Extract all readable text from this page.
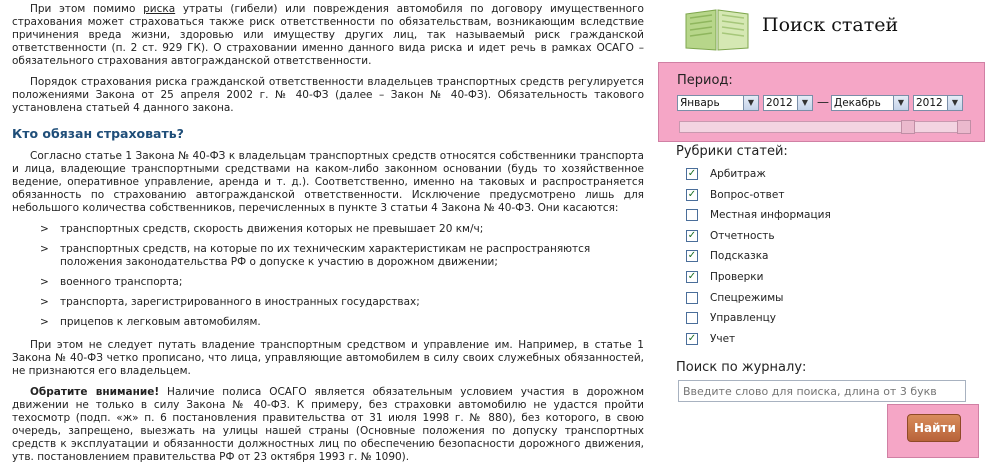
При этом помимо риска утраты (гибели) или повреждения автомобиля по договору имущественного страхования может страховаться также риск ответственности по обязательствам, возникающим вследствие причинения вреда жизни, здоровью или имуществу других лиц, так называемый риск гражданской ответственности (п. 2 ст. 929 ГК). О страховании именно данного вида риска и идет речь в рамках ОСАГО – обязательного страхования автогражданской ответственности.

Порядок страхования риска гражданской ответственности владельцев транспортных средств регулируется положениями Закона от 25 апреля 2002 г. № 40-ФЗ (далее – Закон № 40-ФЗ). Обязательность такового установлена статьей 4 данного закона.

Кто обязан страховать?

Согласно статье 1 Закона № 40-ФЗ к владельцам транспортных средств относятся собственники транспорта и лица, владеющие транспортными средствами на каком-либо законном основании (будь то хозяйственное ведение, оперативное управление, аренда и т. д.). Соответственно, именно на таковых и распространяется обязанность по страхованию автогражданской ответственности. Исключение предусмотрено лишь для небольшого количества собственников, перечисленных в пункте 3 статьи 4 Закона № 40-ФЗ. Они касаются:

> транспортных средств, скорость движения которых не превышает 20 км/ч;
> транспортных средств, на которые по их техническим характеристикам не распространяются положения законодательства РФ о допуске к участию в дорожном движении;
> военного транспорта;
> транспорта, зарегистрированного в иностранных государствах;
> прицепов к легковым автомобилям.

При этом не следует путать владение транспортным средством и управление им. Например, в статье 1 Закона № 40-ФЗ четко прописано, что лица, управляющие автомобилем в силу своих служебных обязанностей, не признаются его владельцем.

Обратите внимание! Наличие полиса ОСАГО является обязательным условием участия в дорожном движении не только в силу Закона № 40-ФЗ. К примеру, без страховки автомобилю не удастся пройти техосмотр (подп. «ж» п. 6 постановления правительства от 31 июля 1998 г. № 880), без которого, в свою очередь, запрещено, выезжать на улицы нашей страны (Основные положения по допуску транспортных средств к эксплуатации и обязанности должностных лиц по обеспечению безопасности дорожного движения, утв. постановлением правительства РФ от 23 октября 1993 г. № 1090).

Поиск статей
Период:
Январь	▼	2012	▼ — Декабрь	▼	2012	▼
Рубрики статей:
✓ Арбитраж
✓ Вопрос-ответ
Местная информация
✓ Отчетность
✓ Подсказка
✓ Проверки
Спецрежимы
Управленцу
✓ Учет
Поиск по журналу:
Введите слово для поиска, длина от 3 букв
Найти
